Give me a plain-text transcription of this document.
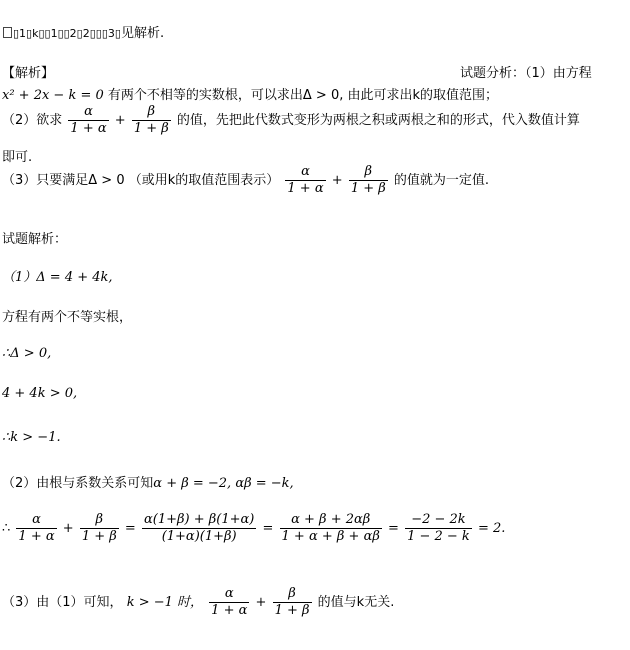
▯1▯k▯▯1▯▯2▯2▯▯▯3▯见解析.
【解析】	试题分析：（1）由方程
x² + 2x − k = 0 有两个不相等的实数根，可以求出Δ > 0, 由此可求出k的取值范围；
（2）欲求 $\frac{\alpha}{1 + \alpha} + \frac{\beta}{1 + \beta}$ 的值，先把此代数式变形为两根之积或两根之和的形式，代入数值计算
即可.
（3）只要满足Δ > 0 （或用k的取值范围表示） $\frac{\alpha}{1 + \alpha} + \frac{\beta}{1 + \beta}$ 的值就为一定值.
试题解析：
（1）Δ = 4 + 4k,
方程有两个不等实根，
∴Δ > 0,
4 + 4k > 0,
∴k > −1.
（2）由根与系数关系可知α + β = −2, αβ = −k,
∴ $\frac{\alpha}{1 + \alpha} + \frac{\beta}{1 + \beta} = \frac{\alpha(1+\beta) + \beta(1+\alpha)}{(1+\alpha)(1+\beta)} = \frac{\alpha + \beta + 2\alpha\beta}{1 + \alpha + \beta + \alpha\beta} = \frac{-2 - 2k}{1 - 2 - k} = 2$.
（3）由（1）可知， k > −1 时， $\frac{\alpha}{1 + \alpha} + \frac{\beta}{1 + \beta}$ 的值与k无关.
